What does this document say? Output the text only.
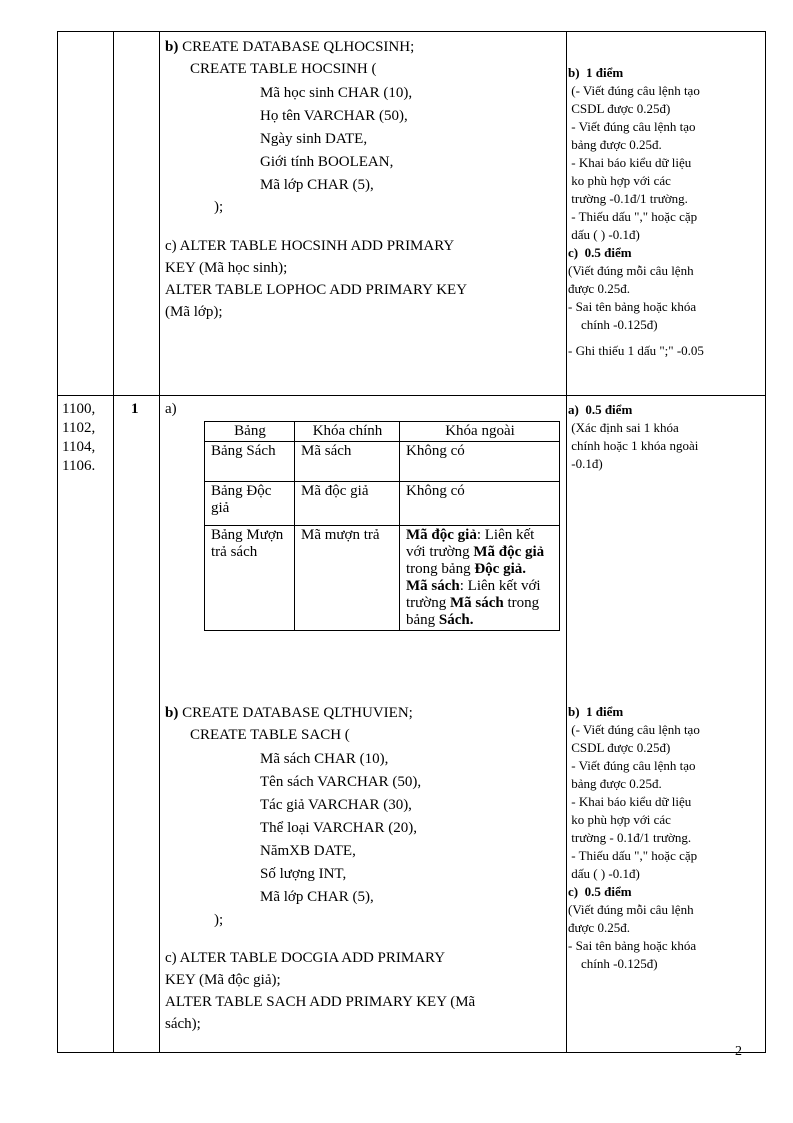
b) CREATE DATABASE QLHOCSINH;
CREATE TABLE HOCSINH (
Mã học sinh CHAR (10),
Họ tên VARCHAR (50),
Ngày sinh DATE,
Giới tính BOOLEAN,
Mã lớp CHAR (5),
);
c) ALTER TABLE HOCSINH ADD PRIMARY
KEY (Mã học sinh);
ALTER TABLE LOPHOC ADD PRIMARY KEY
(Mã lớp);
b)  1 điểm
(- Viết đúng câu lệnh tạo
CSDL được 0.25đ)
- Viết đúng câu lệnh tạo
bảng được 0.25đ.
- Khai báo kiểu dữ liệu
ko phù hợp với các
trường -0.1đ/1 trường.
- Thiếu dấu "," hoặc cặp
dấu ( ) -0.1đ)
c)  0.5 điểm
(Viết đúng mỗi câu lệnh
được 0.25đ.
- Sai tên bảng hoặc khóa
chính -0.125đ)
- Ghi thiếu 1 dấu ";" -0.05
1100,
1102,
1104,
1106.
1 a)
Bảng	Khóa chính	Khóa ngoài
Bảng Sách	Mã sách	Không có
Bảng Độc giả	Mã độc giả	Không có
Bảng Mượn trả sách	Mã mượn trả	Mã độc giả: Liên kết với trường Mã độc giả trong bảng Độc giả.
Mã sách: Liên kết với trường Mã sách trong bảng Sách.
b) CREATE DATABASE QLTHUVIEN;
CREATE TABLE SACH (
Mã sách CHAR (10),
Tên sách VARCHAR (50),
Tác giả VARCHAR (30),
Thể loại VARCHAR (20),
NămXB DATE,
Số lượng INT,
Mã lớp CHAR (5),
);
c) ALTER TABLE DOCGIA ADD PRIMARY
KEY (Mã độc giả);
ALTER TABLE SACH ADD PRIMARY KEY (Mã
sách);
a)  0.5 điểm
(Xác định sai 1 khóa
chính hoặc 1 khóa ngoài
-0.1đ)
b)  1 điểm
(- Viết đúng câu lệnh tạo
CSDL được 0.25đ)
- Viết đúng câu lệnh tạo
bảng được 0.25đ.
- Khai báo kiểu dữ liệu
ko phù hợp với các
trường - 0.1đ/1 trường.
- Thiếu dấu "," hoặc cặp
dấu ( ) -0.1đ)
c)  0.5 điểm
(Viết đúng mỗi câu lệnh
được 0.25đ.
- Sai tên bảng hoặc khóa
chính -0.125đ)
2
